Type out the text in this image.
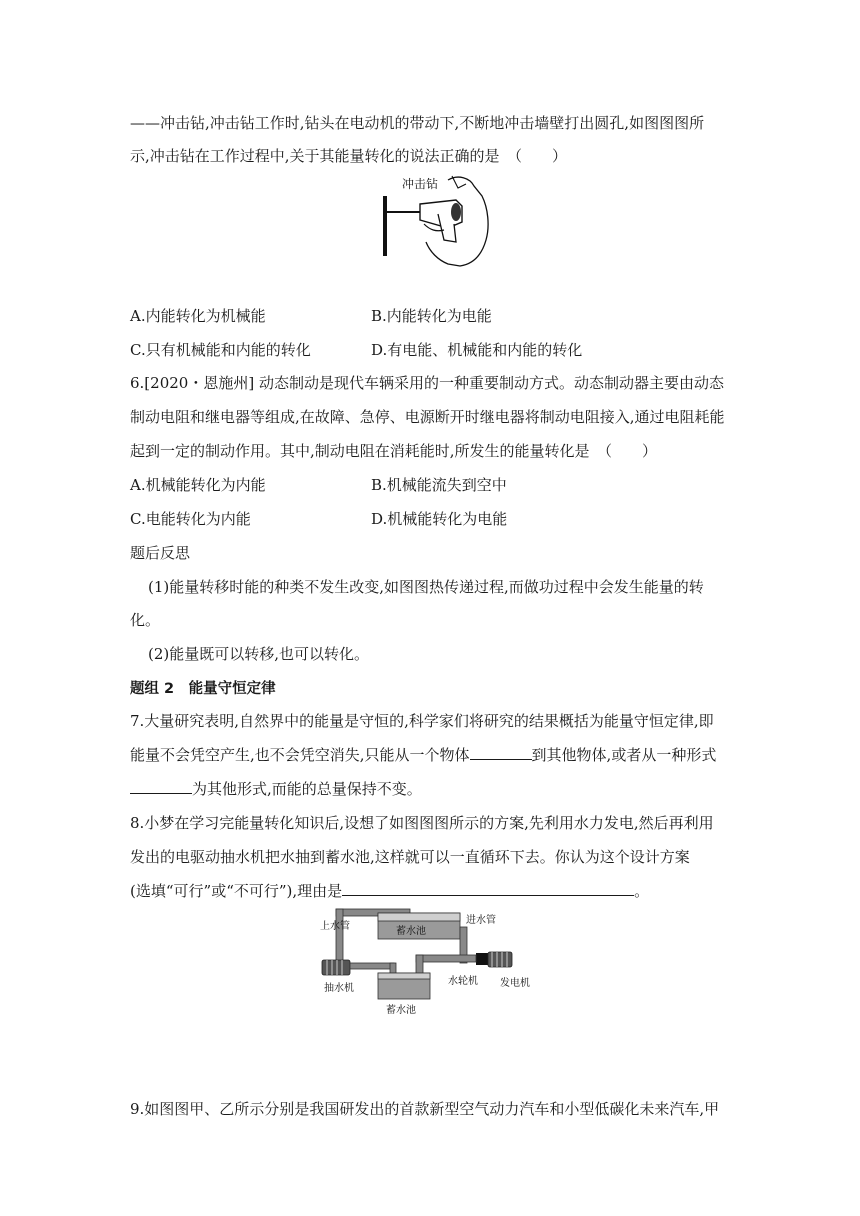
——冲击钻,冲击钻工作时,钻头在电动机的带动下,不断地冲击墙壁打出圆孔,如图图图所
示,冲击钻在工作过程中,关于其能量转化的说法正确的是　（　　）
冲击钻
A.内能转化为机械能	B.内能转化为电能
C.只有机械能和内能的转化	D.有电能、机械能和内能的转化
6.[2020・恩施州] 动态制动是现代车辆采用的一种重要制动方式。动态制动器主要由动态
制动电阻和继电器等组成,在故障、急停、电源断开时继电器将制动电阻接入,通过电阻耗能
起到一定的制动作用。其中,制动电阻在消耗能时,所发生的能量转化是　（　　）
A.机械能转化为内能	B.机械能流失到空中
C.电能转化为内能	D.机械能转化为电能
题后反思
(1)能量转移时能的种类不发生改变,如图图热传递过程,而做功过程中会发生能量的转
化。
(2)能量既可以转移,也可以转化。
题组 2　能量守恒定律
7.大量研究表明,自然界中的能量是守恒的,科学家们将研究的结果概括为能量守恒定律,即
能量不会凭空产生,也不会凭空消失,只能从一个物体	到其他物体,或者从一种形式
为其他形式,而能的总量保持不变。
8.小梦在学习完能量转化知识后,设想了如图图图所示的方案,先利用水力发电,然后再利用
发出的电驱动抽水机把水抽到蓄水池,这样就可以一直循环下去。你认为这个设计方案
(选填“可行”或“不可行”),理由是	。
蓄水池
进水管
水轮机 发电机
抽水机
上水管
蓄水池
9.如图图甲、乙所示分别是我国研发出的首款新型空气动力汽车和小型低碳化未来汽车,甲
